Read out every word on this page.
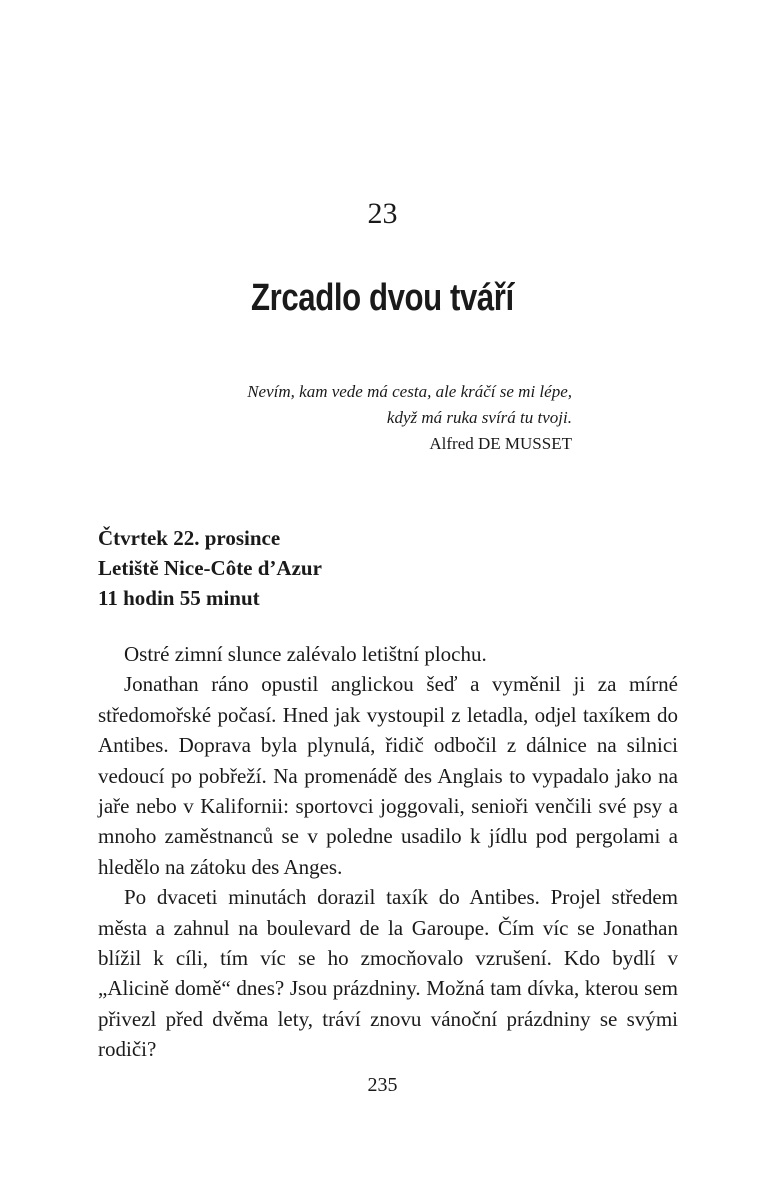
23
Zrcadlo dvou tváří
Nevím, kam vede má cesta, ale kráčí se mi lépe,
když má ruka svírá tu tvoji.
Alfred DE MUSSET
Čtvrtek 22. prosince
Letiště Nice-Côte d’Azur
11 hodin 55 minut

Ostré zimní slunce zalévalo letištní plochu.

Jonathan ráno opustil anglickou šeď a vyměnil ji za mírné středomořské počasí. Hned jak vystoupil z letadla, odjel taxíkem do Antibes. Doprava byla plynulá, řidič odbočil z dálnice na silnici vedoucí po pobřeží. Na promenádě des Anglais to vypadalo jako na jaře nebo v Kalifornii: sportovci joggovali, senioři venčili své psy a mnoho zaměstnanců se v poledne usadilo k jídlu pod pergolami a hledělo na zátoku des Anges.

Po dvaceti minutách dorazil taxík do Antibes. Projel středem města a zahnul na boulevard de la Garoupe. Čím víc se Jonathan blížil k cíli, tím víc se ho zmocňovalo vzrušení. Kdo bydlí v „Alicině domě“ dnes? Jsou prázdniny. Možná tam dívka, kterou sem přivezl před dvěma lety, tráví znovu vánoční prázdniny se svými rodiči?

235
